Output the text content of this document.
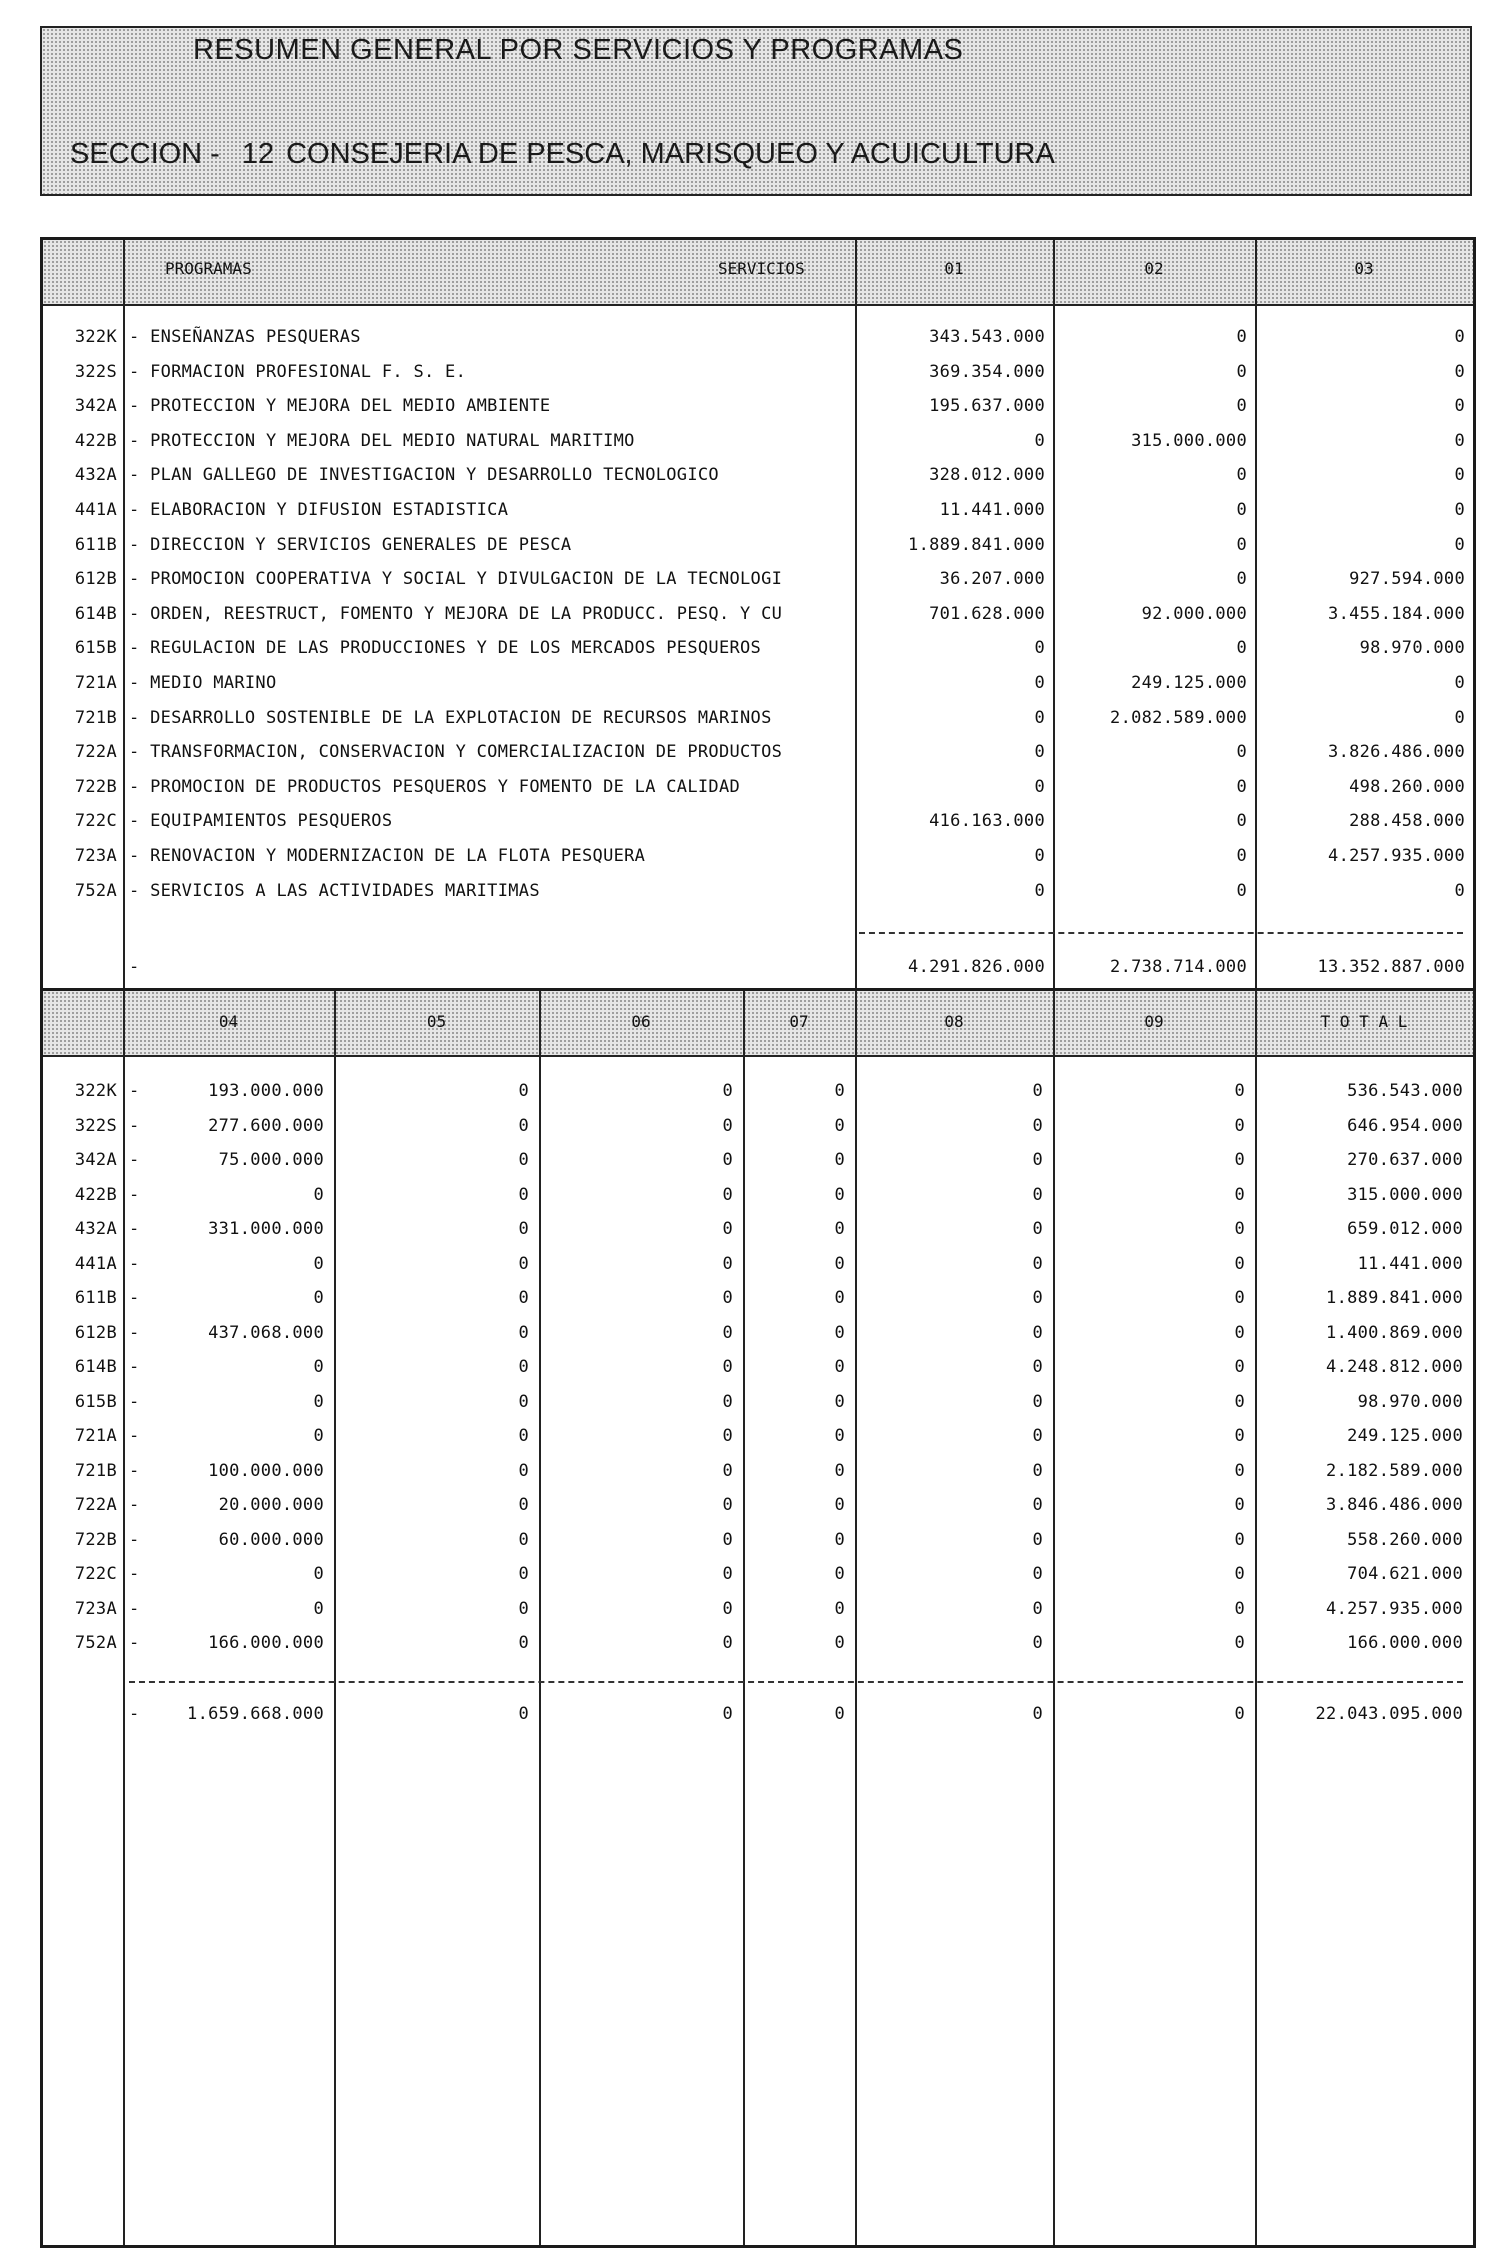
RESUMEN GENERAL POR SERVICIOS Y PROGRAMAS
SECCION - 12 CONSEJERIA DE PESCA, MARISQUEO Y ACUICULTURA
PROGRAMAS	SERVICIOS
-
01	02	03
322K - ENSEÑANZAS PESQUERAS	343.543.000	0	0
322S - FORMACION PROFESIONAL F. S. E.	369.354.000	0	0
342A - PROTECCION Y MEJORA DEL MEDIO AMBIENTE	195.637.000	0	0
422B - PROTECCION Y MEJORA DEL MEDIO NATURAL MARITIMO	0	315.000.000	0
432A - PLAN GALLEGO DE INVESTIGACION Y DESARROLLO TECNOLOGICO	328.012.000	0	0
441A - ELABORACION Y DIFUSION ESTADISTICA	11.441.000	0	0
611B - DIRECCION Y SERVICIOS GENERALES DE PESCA	1.889.841.000	0	0
612B - PROMOCION COOPERATIVA Y SOCIAL Y DIVULGACION DE LA TECNOLOGI	36.207.000	0	927.594.000
614B - ORDEN, REESTRUCT, FOMENTO Y MEJORA DE LA PRODUCC. PESQ. Y CU	701.628.000	92.000.000	3.455.184.000
615B - REGULACION DE LAS PRODUCCIONES Y DE LOS MERCADOS PESQUEROS	0	0	98.970.000
721A - MEDIO MARINO	0	249.125.000	0
721B - DESARROLLO SOSTENIBLE DE LA EXPLOTACION DE RECURSOS MARINOS	0	2.082.589.000	0
722A - TRANSFORMACION, CONSERVACION Y COMERCIALIZACION DE PRODUCTOS	0	0	3.826.486.000
722B - PROMOCION DE PRODUCTOS PESQUEROS Y FOMENTO DE LA CALIDAD	0	0	498.260.000
722C - EQUIPAMIENTOS PESQUEROS	416.163.000	0	288.458.000
723A - RENOVACION Y MODERNIZACION DE LA FLOTA PESQUERA	0	0	4.257.935.000
752A - SERVICIOS A LAS ACTIVIDADES MARITIMAS	0	0	0
4.291.826.000	2.738.714.000	13.352.887.000
-
04	05	06	07	08	09	T O T A L
322K -	193.000.000	0	0	0	0	0	536.543.000
322S -	277.600.000	0	0	0	0	0	646.954.000
342A -	75.000.000	0	0	0	0	0	270.637.000
422B -	0	0	0	0	0	0	315.000.000
432A -	331.000.000	0	0	0	0	0	659.012.000
441A -	0	0	0	0	0	0	11.441.000
611B -	0	0	0	0	0	0	1.889.841.000
612B -	437.068.000	0	0	0	0	0	1.400.869.000
614B -	0	0	0	0	0	0	4.248.812.000
615B -	0	0	0	0	0	0	98.970.000
721A -	0	0	0	0	0	0	249.125.000
721B -	100.000.000	0	0	0	0	0	2.182.589.000
722A -	20.000.000	0	0	0	0	0	3.846.486.000
722B -	60.000.000	0	0	0	0	0	558.260.000
722C -	0	0	0	0	0	0	704.621.000
723A -	0	0	0	0	0	0	4.257.935.000
752A -	166.000.000	0	0	0	0	0	166.000.000
1.659.668.000	0	0	0	0	0	22.043.095.000
